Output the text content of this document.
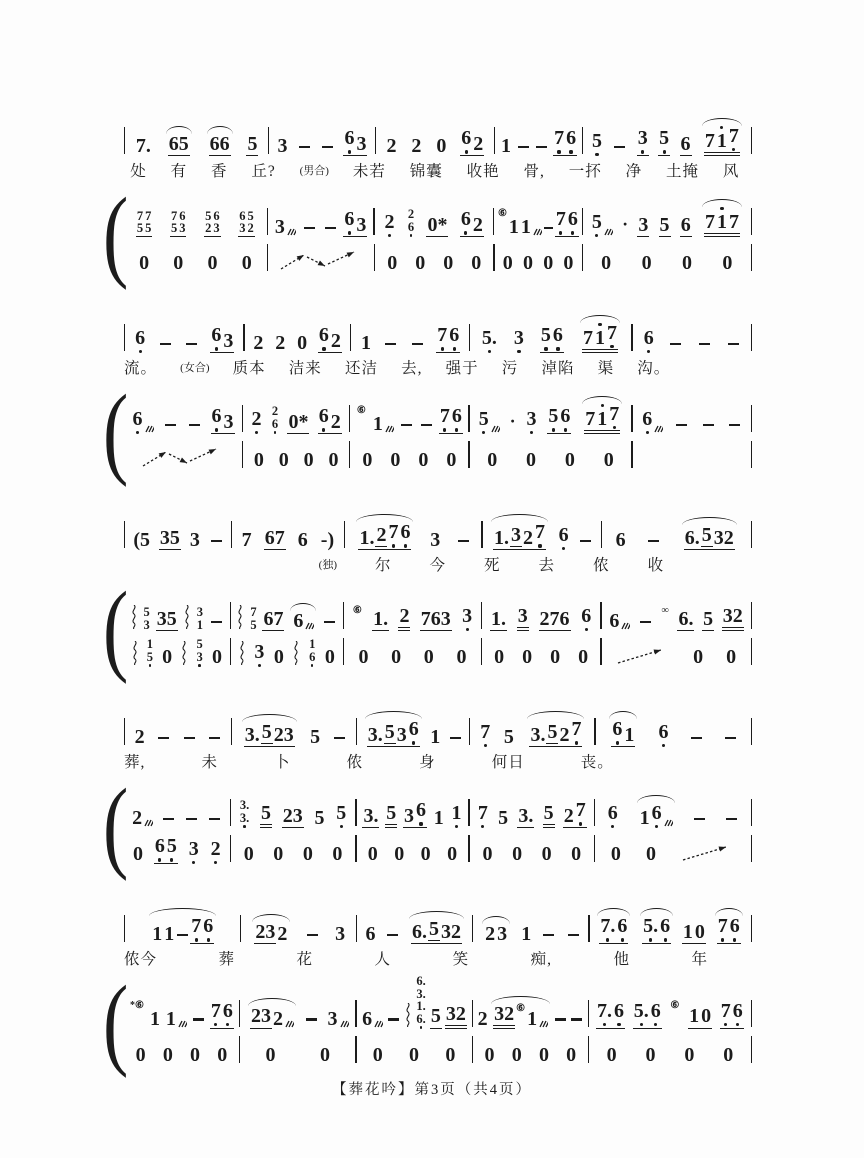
7. 65 66 5 3	6 3 2 2 0 6 2 1 7 6 5 3 5 6 7 1 7
处 有 香 丘? (男合) 未若 锦囊 收艳 骨, 一抔 净 土掩 风
( 7
5
7
5
7
5
6
3
5
2
6
3
6
3
5
2 3	6 3 2 2
6 0* 6 2 ⑥
1 1 7 6 5 · 3 5 6 7 1 7
0 0 0 0	0 0 0 0 0 0 0 0 0 0 0 0
6	6 3 2 2 0 6 2 1	7 6 5. 3 5 6 7 1 7 6
流。 (女合) 质本 洁来 还洁 去, 强于 污 淖陷 渠 沟。
( 6	6 3 2 2
6 0* 6 2 ⑥
1	7 6 5 · 3 5 6 7 1 7 6
0 0 0 0 0 0 0 0 0 0 0 0
(5 35 3 7 67 6 -) 1. 2 7 6 3	1. 3 2 7 6 6	6. 5 32
(独) 尔 今 死 去 侬 收
( 5
3 35 3
1
7
5 67 6	⑥ 1. 2 763 3 1. 3 276 6 6	∞ 6. 5 32
1
5 0
5
3 0 3 0
1
6 0 0 0 0 0 0 0 0 0	0 0
2	3. 5 23 5 3. 5 3 6 1 7 5 3. 5 2 7 6 1 6
葬,	未	卜	侬	身	何日	丧。
( 2
3.
3. 5 23 5 5 3. 5 3 6 1 1 7 5 3. 5 2 7 6 1 6
0 6 5 3 2 0 0 0 0 0 0 0 0 0 0 0 0 0 0
1 1 7 6 23 2 3 6 6. 5 32 2 3 1	7. 6 5. 6 1 0 7 6
侬今	葬	花	人	笑	痴,	他	年
( *⑥
1 1 7 6 23 2 3 6
6.
3.
1.
6. 5 32 2 32 ⑥ 1	7. 6 5. 6 ⑥ 1 0 7 6
0 0 0 0 0 0 0 0 0 0 0 0 0 0 0 0 0
【葬花吟】第3页（共4页）
